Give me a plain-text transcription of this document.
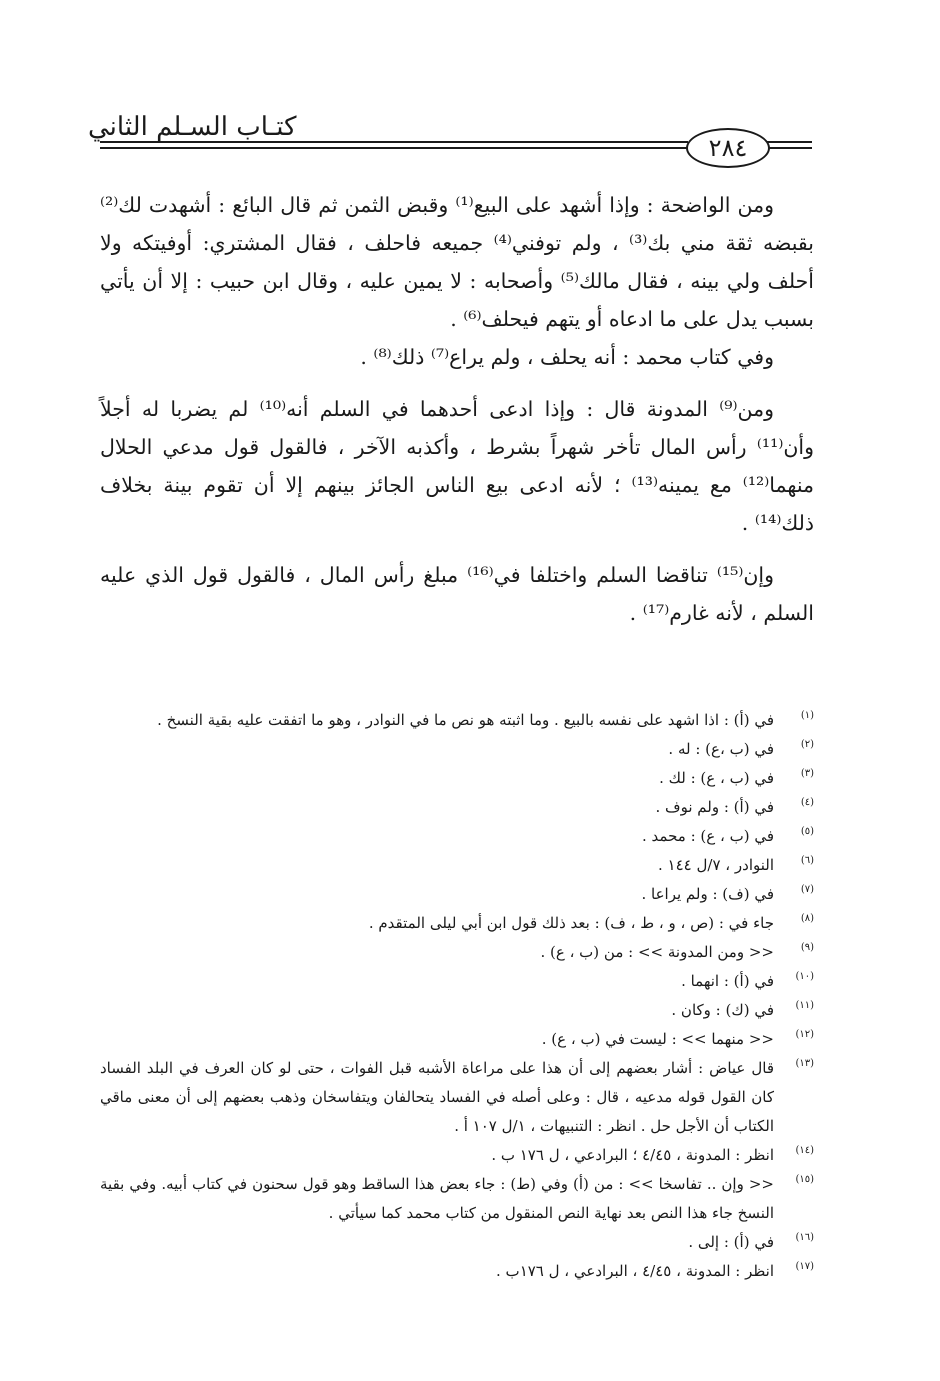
كتـاب السـلم الثاني
٢٨٤

ومن الواضحة : وإذا أشهد على البيع⁽¹⁾ وقبض الثمن ثم قال البائع : أشهدت لك⁽²⁾ بقبضه ثقة مني بك⁽³⁾ ، ولم توفني⁽⁴⁾ جميعه فاحلف ، فقال المشتري: أوفيتكه ولا أحلف ولي بينه ، فقال مالك⁽⁵⁾ وأصحابه : لا يمين عليه ، وقال ابن حبيب : إلا أن يأتي بسبب يدل على ما ادعاه أو يتهم فيحلف⁽⁶⁾ .

وفي كتاب محمد : أنه يحلف ، ولم يراع⁽⁷⁾ ذلك⁽⁸⁾ .

ومن⁽⁹⁾ المدونة قال : وإذا ادعى أحدهما في السلم أنه⁽¹⁰⁾ لم يضربا له أجلاً وأن⁽¹¹⁾ رأس المال تأخر شهراً بشرط ، وأكذبه الآخر ، فالقول قول مدعي الحلال منهما⁽¹²⁾ مع يمينه⁽¹³⁾ ؛ لأنه ادعى بيع الناس الجائز بينهم إلا أن تقوم بينة بخلاف ذلك⁽¹⁴⁾ .

وإن⁽¹⁵⁾ تناقضا السلم واختلفا في⁽¹⁶⁾ مبلغ رأس المال ، فالقول قول الذي عليه السلم ، لأنه غارم⁽¹⁷⁾ .

(١)
في (أ) : اذا اشهد على نفسه بالبيع . وما اثبته هو نص ما في النوادر ، وهو ما اتفقت عليه بقية النسخ .
(٢)
في (ب ،ع) : له .
(٣)
في (ب ، ع) : لك .
(٤)
في (أ) : ولم نوف .
(٥)
في (ب ، ع) : محمد .
(٦)
النوادر ، ٧/ل ١٤٤ .
(٧)
في (ف) : ولم يراعا .
(٨)
جاء في : (ص ، و ، ط ، ف) : بعد ذلك قول ابن أبي ليلى المتقدم .
(٩)
<< ومن المدونة >> : من (ب ، ع) .
(١٠)
في (أ) : انهما .
(١١)
في (ك) : وكان .
(١٢)
<< منهما >> : ليست في (ب ، ع) .
(١٣)
قال عياض : أشار بعضهم إلى أن هذا على مراعاة الأشبه قبل الفوات ، حتى لو كان العرف في البلد الفساد كان القول قوله مدعيه ، قال : وعلى أصله في الفساد يتحالفان ويتفاسخان وذهب بعضهم إلى أن معنى ماقي الكتاب أن الأجل حل . انظر : التنبيهات ، ١/ل ١٠٧ أ .
(١٤)
انظر : المدونة ، ٤/٤٥ ؛ البرادعي ، ل ١٧٦ ب .
(١٥)
<< وإن .. تفاسخا >> : من (أ) وفي (ط) : جاء بعض هذا الساقط وهو قول سحنون في كتاب أبيه. وفي بقية النسخ جاء هذا النص بعد نهاية النص المنقول من كتاب محمد كما سيأتي .
(١٦)
في (أ) : إلى .
(١٧)
انظر : المدونة ، ٤/٤٥ ، البرادعي ، ل ١٧٦ب .
